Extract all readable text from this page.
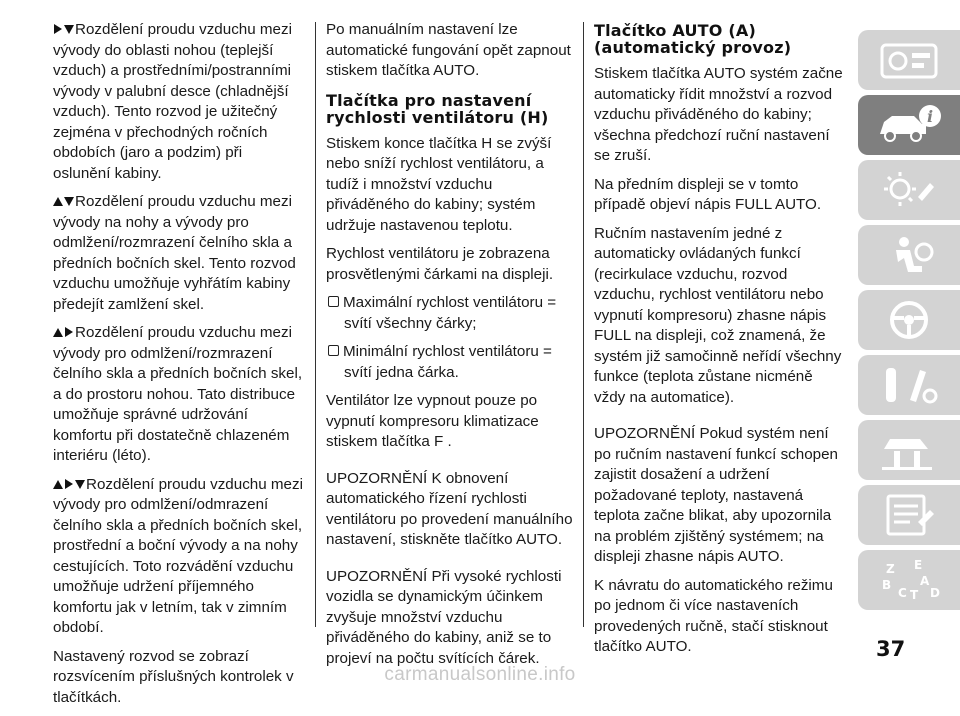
Rozdělení proudu vzduchu mezi vývody do oblasti nohou (teplejší vzduch) a prostředními/postranními vývody v palubní desce (chladnější vzduch). Tento rozvod je užitečný zejména v přechodných ročních obdobích (jaro a podzim) při oslunění kabiny.

Rozdělení proudu vzduchu mezi vývody na nohy a vývody pro odmlžení/rozmrazení čelního skla a předních bočních skel. Tento rozvod vzduchu umožňuje vyhřátím kabiny předejít zamlžení skel.

Rozdělení proudu vzduchu mezi vývody pro odmlžení/rozmrazení čelního skla a předních bočních skel, a do prostoru nohou. Tato distribuce umožňuje správné udržování komfortu při dostatečně chlazeném interiéru (léto).

Rozdělení proudu vzduchu mezi vývody pro odmlžení/odmrazení čelního skla a předních bočních skel, prostřední a boční vývody a na nohy cestujících. Toto rozvádění vzduchu umožňuje udržení příjemného komfortu jak v letním, tak v zimním období.

Nastavený rozvod se zobrazí rozsvícením příslušných kontrolek v tlačítkách.

Po manuálním nastavení lze automatické fungování opět zapnout stiskem tlačítka AUTO.

Tlačítka pro nastavení rychlosti ventilátoru (H)

Stiskem konce tlačítka H se zvýší nebo sníží rychlost ventilátoru, a tudíž i množství vzduchu přiváděného do kabiny; systém udržuje nastavenou teplotu.

Rychlost ventilátoru je zobrazena prosvětlenými čárkami na displeji.

Maximální rychlost ventilátoru = svítí všechny čárky;

Minimální rychlost ventilátoru = svítí jedna čárka.

Ventilátor lze vypnout pouze po vypnutí kompresoru klimatizace stiskem tlačítka F .

UPOZORNĚNÍ K obnovení automatického řízení rychlosti ventilátoru po provedení manuálního nastavení, stiskněte tlačítko AUTO.

UPOZORNĚNÍ Při vysoké rychlosti vozidla se dynamickým účinkem zvyšuje množství vzduchu přiváděného do kabiny, aniž se to projeví na počtu svítících čárek.

Tlačítko AUTO (A) (automatický provoz)

Stiskem tlačítka AUTO systém začne automaticky řídit množství a rozvod vzduchu přiváděného do kabiny; všechna předchozí ruční nastavení se zruší.

Na předním displeji se v tomto případě objeví nápis FULL AUTO.

Ručním nastavením jedné z automaticky ovládaných funkcí (recirkulace vzduchu, rozvod vzduchu, rychlost ventilátoru nebo vypnutí kompresoru) zhasne nápis FULL na displeji, což znamená, že systém již samočinně neřídí všechny funkce (teplota zůstane nicméně vždy na automatice).

UPOZORNĚNÍ Pokud systém není po ručním nastavení funkcí schopen zajistit dosažení a udržení požadované teploty, nastavená teplota začne blikat, aby upozornila na problém zjištěný systémem; na displeji zhasne nápis AUTO.

K návratu do automatického režimu po jednom či více nastaveních provedených ručně, stačí stisknout tlačítko AUTO.

i
Z E
B
C T
A
D
37
carmanualsonline.info
